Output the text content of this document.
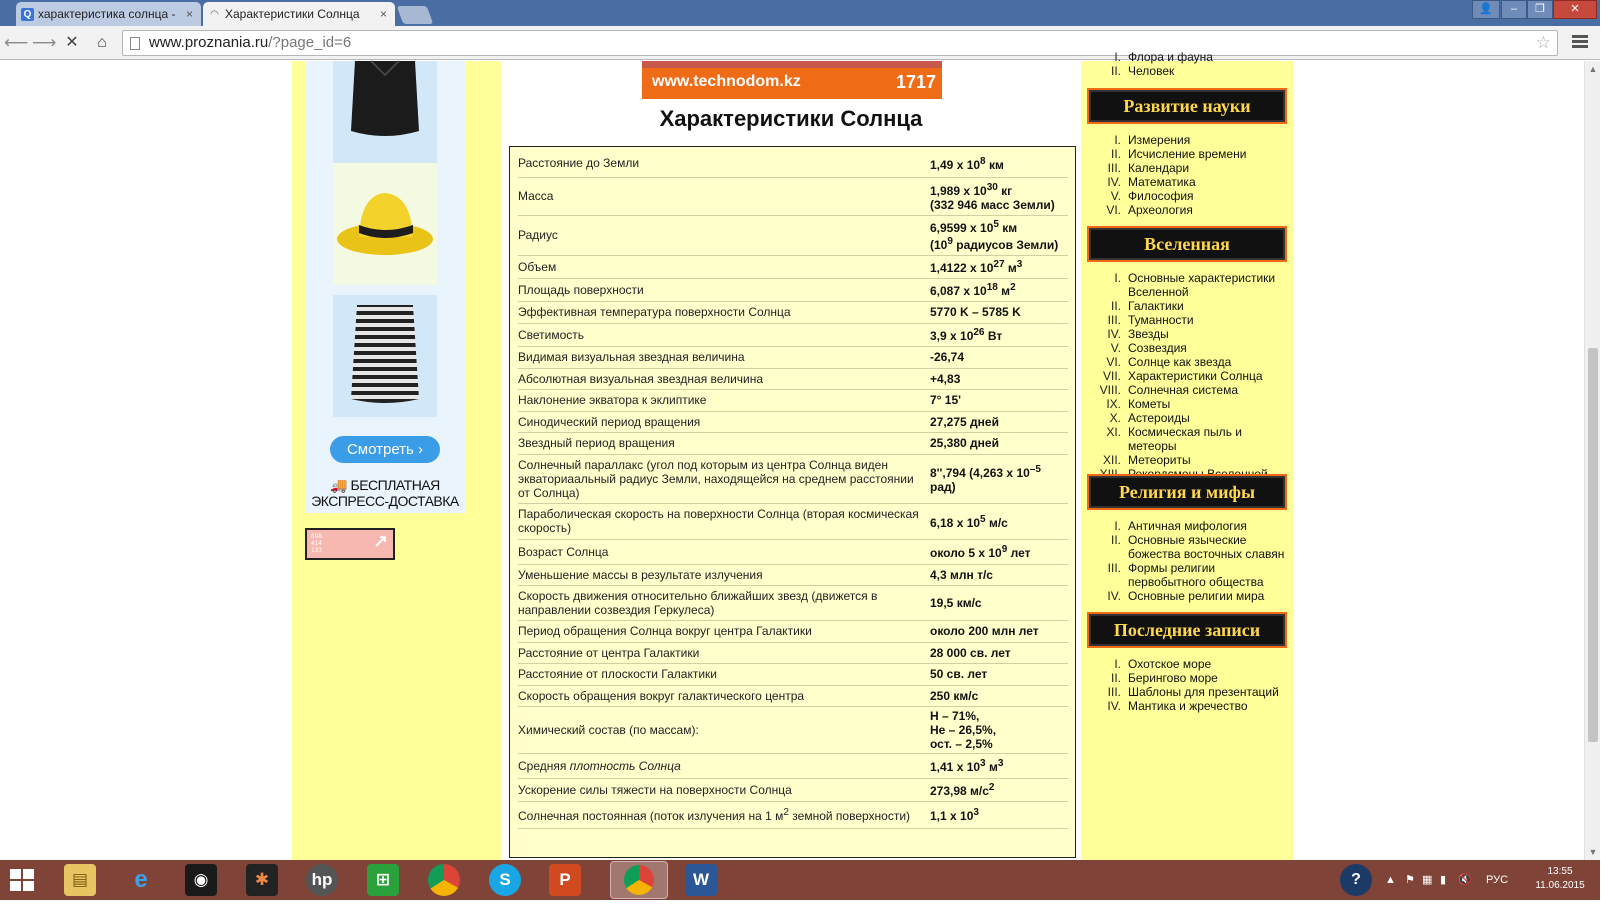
Q характеристика солнца - × ◠ Характеристики Солнца ×	👤	–	❐	✕
⟵ ⟶ ✕	⌂	www.proznania.ru/?page_id=6	☆
Смотреть ›
🚚 БЕСПЛАТНАЯ
ЭКСПРЕСС-ДОСТАВКА
898
414
133	↗
www.technodom.kz	1717
Характеристики Солнца
Расстояние до Земли	1,49 x $10^8$ км
Масса	1,989 x $10^{30}$ кг
(332 946 масс Земли)
Радиус	6,9599 x $10^5$ км
($10^9$ радиусов Земли)
Объем	1,4122 x $10^{27}$ $м^3$
Площадь поверхности	6,087 x $10^{18}$ $м^2$
Эффективная температура поверхности Солнца	5770 K – 5785 K
Светимость	3,9 x $10^{26}$ Вт
Видимая визуальная звездная величина	-26,74
Абсолютная визуальная звездная величина	+4,83
Наклонение экватора к эклиптике	7° 15'
Синодический период вращения	27,275 дней
Звездный период вращения	25,380 дней
Солнечный параллакс (угол под которым из центра Солнца виден экваториаальный радиус Земли, находящейся на среднем расстоянии от Солнца)	8'',794 (4,263 x $10^{-5}$ рад)
Параболическая скорость на поверхности Солнца (вторая космическая скорость)	6,18 x $10^5$ м/с
Возраст Солнца	около 5 x $10^9$ лет
Уменьшение массы в результате излучения	4,3 млн т/с
Скорость движения относительно ближайших звезд (движется в направлении созвездия Геркулеса)	19,5 км/с
Период обращения Солнца вокруг центра Галактики	около 200 млн лет
Расстояние от центра Галактики	28 000 св. лет
Расстояние от плоскости Галактики	50 св. лет
Скорость обращения вокруг галактического центра	250 км/с
Химический состав (по массам):	H – 71%,
He – 26,5%,
ост. – 2,5%
Средняя плотность Солнца	1,41 x $10^3$ $м^3$
Ускорение силы тяжести на поверхности Солнца	273,98 $м/с^2$
Солнечная постоянная (поток излучения на 1 $м^2$ земной поверхности)	1,1 x $10^3$
I. Флора и фауна
II. Человек
Развитие науки
I. Измерения
II. Исчисление времени
III. Календари
IV. Математика
V. Философия
VI. Археология
Вселенная
I. Основные характеристики Вселенной
II. Галактики
III. Туманности
IV. Звезды
V. Созвездия
VI. Солнце как звезда
VII. Характеристики Солнца
VIII. Солнечная система
IX. Кометы
X. Астероиды
XI. Космическая пыль и метеоры
XII. Метеориты
Религия и мифы
I. Античная мифология
II. Основные языческие божества восточных славян
III. Формы религии первобытного общества
IV. Основные религии мира
Последние записи
I. Охотское море
II. Берингово море
III. Шаблоны для презентаций
IV. Мантика и жречество
▲
▼
▤	e	◉	✱	hp	⊞	S	P	W	?	▲ ⚑ ▦ ▮ 🔇 РУС
13:55
11.06.2015
